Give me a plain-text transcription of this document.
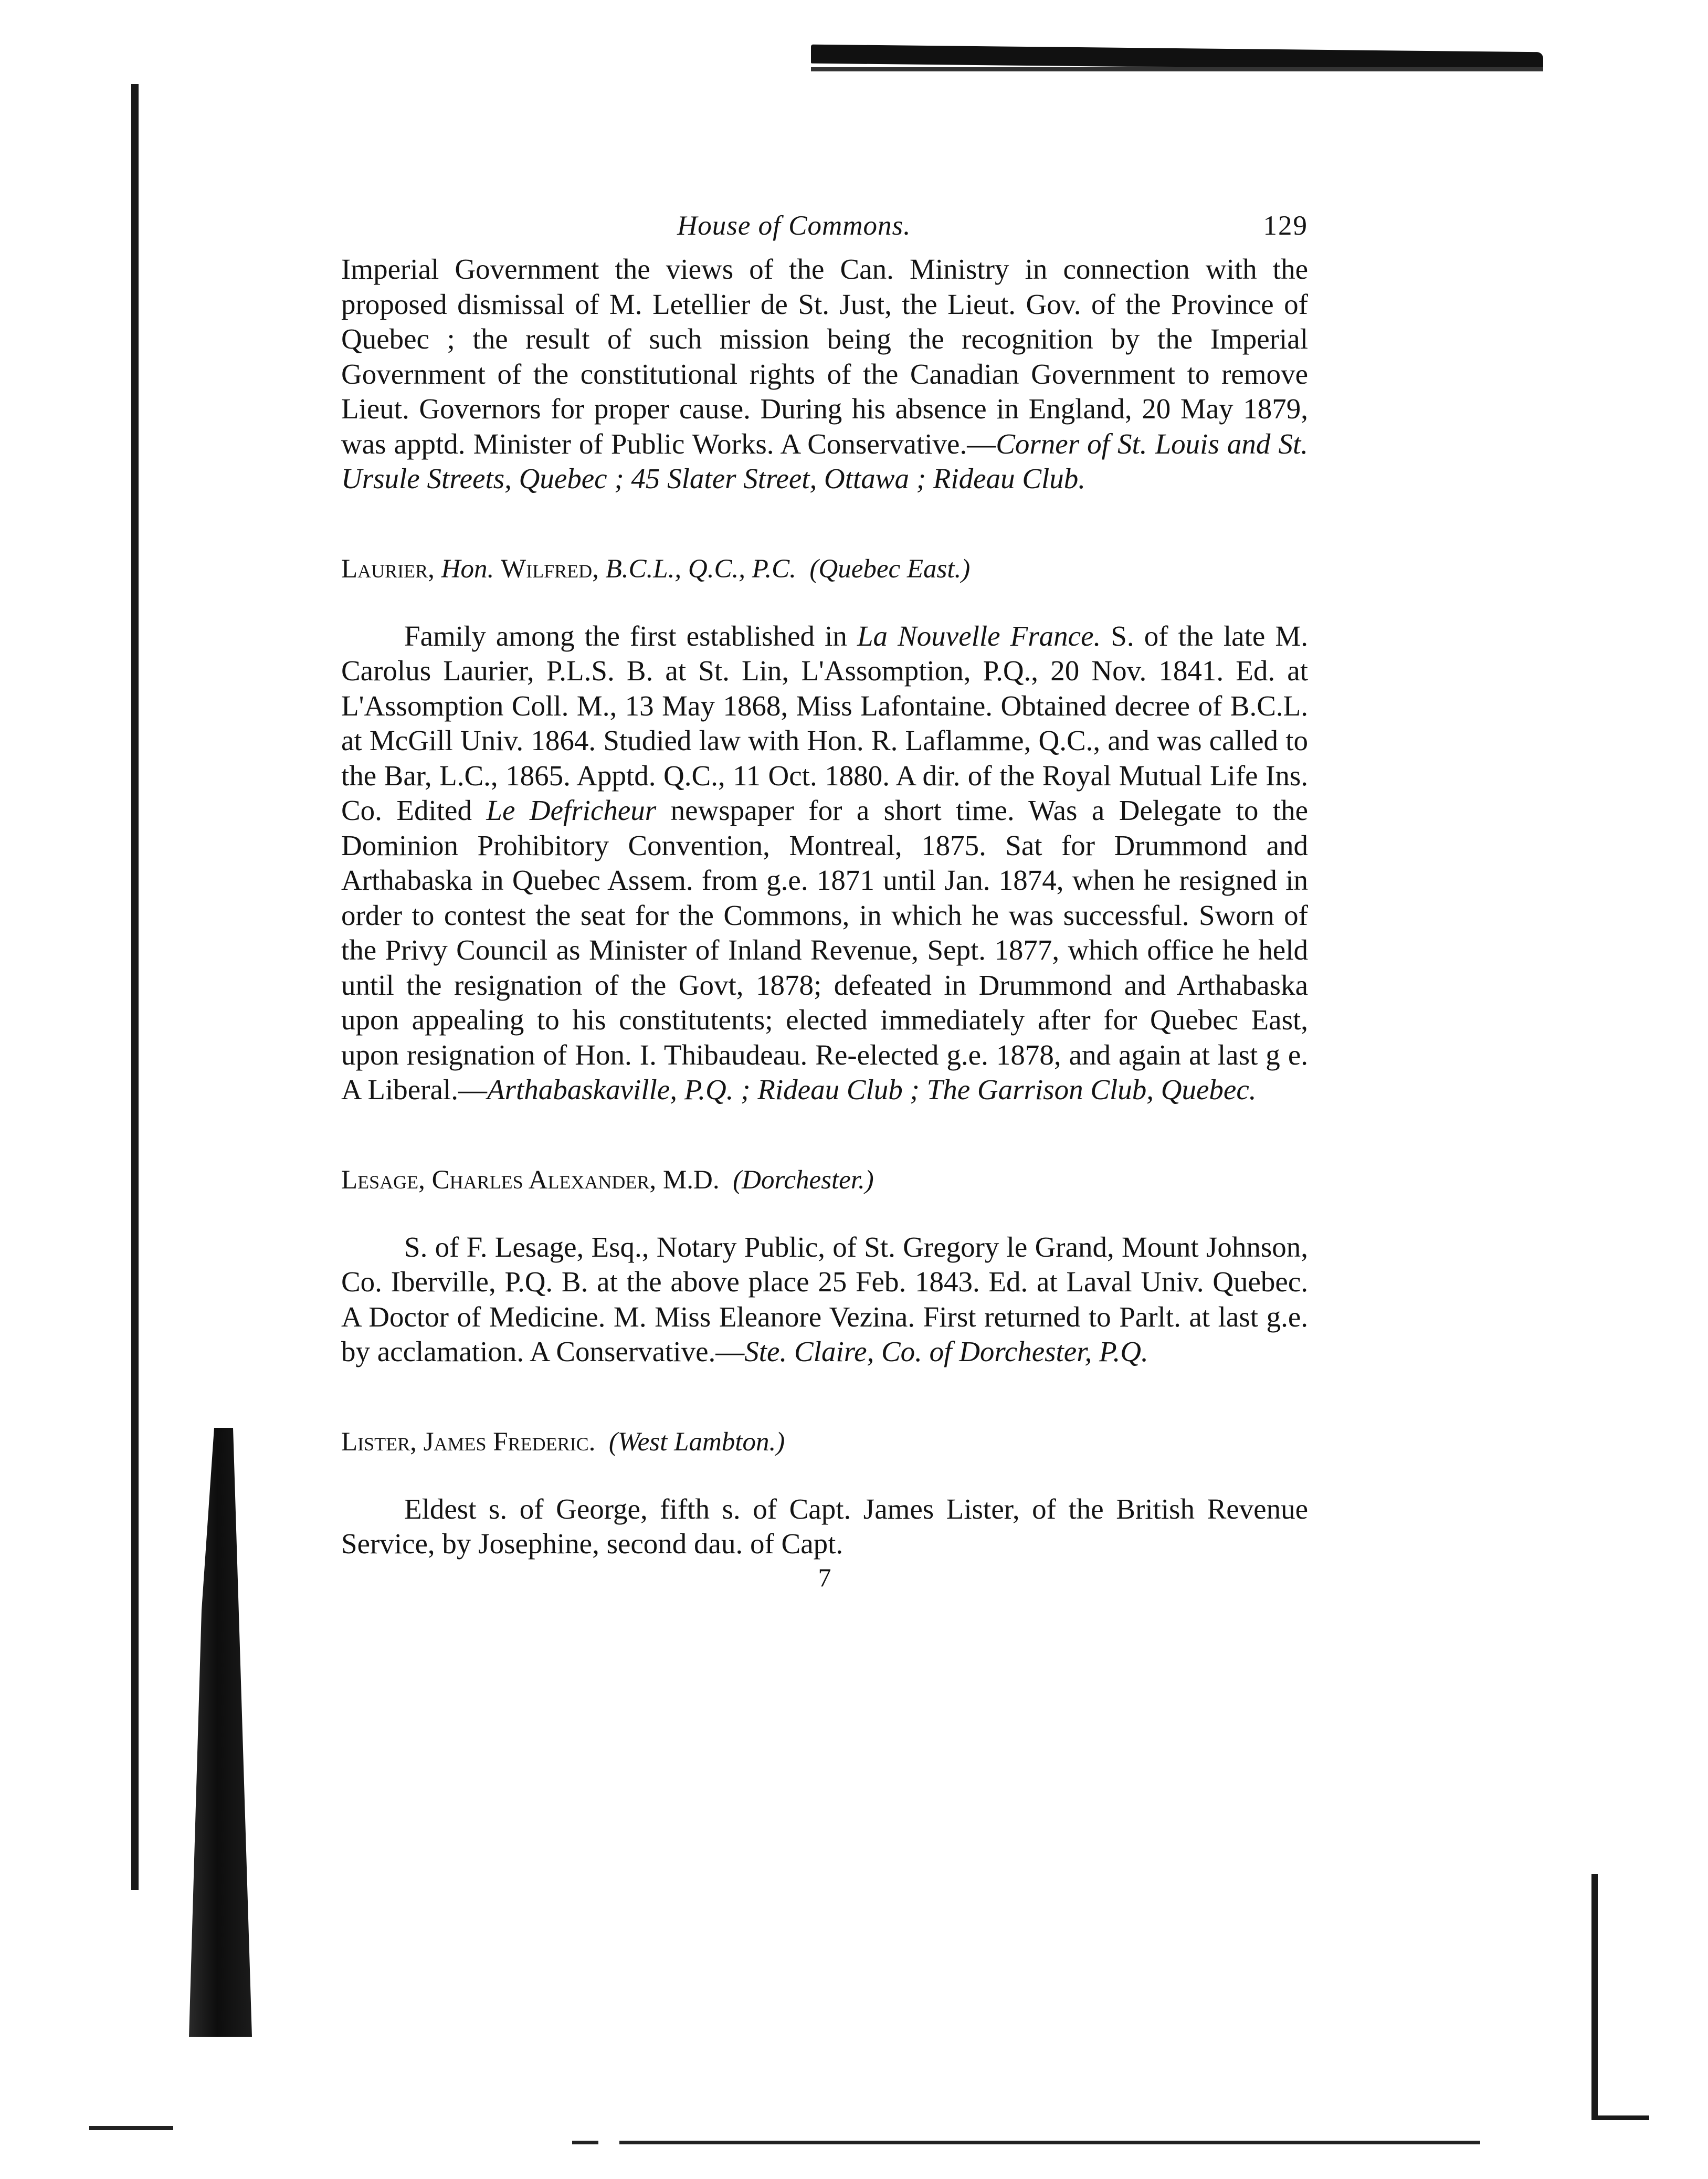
House of Commons.	129

Imperial Government the views of the Can. Ministry in connection with the proposed dismissal of M. Letellier de St. Just, the Lieut. Gov. of the Province of Quebec ; the result of such mission being the recognition by the Imperial Government of the constitutional rights of the Canadian Government to remove Lieut. Governors for proper cause. During his absence in England, 20 May 1879, was apptd. Minister of Public Works. A Conservative.—Corner of St. Louis and St. Ursule Streets, Quebec ; 45 Slater Street, Ottawa ; Rideau Club.

Laurier, Hon. Wilfred, B.C.L., Q.C., P.C. (Quebec East.)

Family among the first established in La Nouvelle France. S. of the late M. Carolus Laurier, P.L.S. B. at St. Lin, L'Assomption, P.Q., 20 Nov. 1841. Ed. at L'Assomption Coll. M., 13 May 1868, Miss Lafontaine. Obtained decree of B.C.L. at McGill Univ. 1864. Studied law with Hon. R. Laflamme, Q.C., and was called to the Bar, L.C., 1865. Apptd. Q.C., 11 Oct. 1880. A dir. of the Royal Mutual Life Ins. Co. Edited Le Defricheur newspaper for a short time. Was a Delegate to the Dominion Prohibitory Convention, Montreal, 1875. Sat for Drummond and Arthabaska in Quebec Assem. from g.e. 1871 until Jan. 1874, when he resigned in order to contest the seat for the Commons, in which he was successful. Sworn of the Privy Council as Minister of Inland Revenue, Sept. 1877, which office he held until the resignation of the Govt, 1878; defeated in Drummond and Arthabaska upon appealing to his constitutents; elected immediately after for Quebec East, upon resignation of Hon. I. Thibaudeau. Re-elected g.e. 1878, and again at last g e. A Liberal.—Arthabaskaville, P.Q. ; Rideau Club ; The Garrison Club, Quebec.

Lesage, Charles Alexander, M.D. (Dorchester.)

S. of F. Lesage, Esq., Notary Public, of St. Gregory le Grand, Mount Johnson, Co. Iberville, P.Q. B. at the above place 25 Feb. 1843. Ed. at Laval Univ. Quebec. A Doctor of Medicine. M. Miss Eleanore Vezina. First returned to Parlt. at last g.e. by acclamation. A Conservative.—Ste. Claire, Co. of Dorchester, P.Q.

Lister, James Frederic. (West Lambton.)

Eldest s. of George, fifth s. of Capt. James Lister, of the British Revenue Service, by Josephine, second dau. of Capt.

7
